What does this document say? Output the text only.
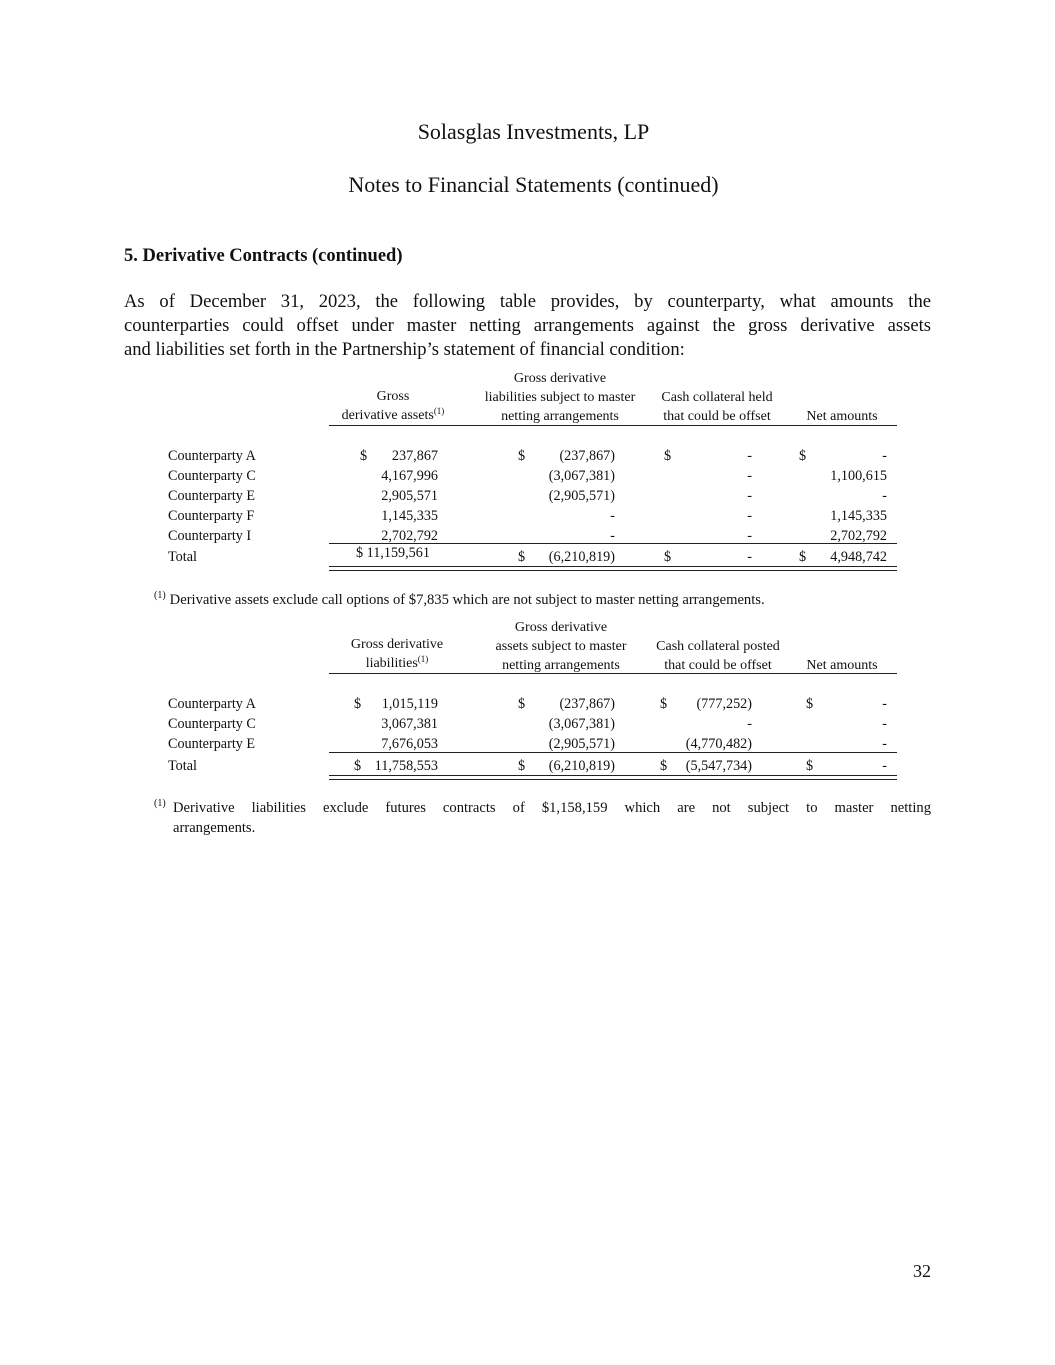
Solasglas Investments, LP
Notes to Financial Statements (continued)
5. Derivative Contracts (continued)
As of December 31, 2023, the following table provides, by counterparty, what amounts the
counterparties could offset under master netting arrangements against the gross derivative assets
and liabilities set forth in the Partnership’s statement of financial condition:
Gross
derivative assets$^{(1)}$
Gross derivative
liabilities subject to master
netting arrangements
Cash collateral held
that could be offset	Net amounts
Counterparty A	$	237,867	$	(237,867)	$	-	$	-
Counterparty C	4,167,996	(3,067,381)	-	1,100,615
Counterparty E	2,905,571	(2,905,571)	-	-
Counterparty F	1,145,335	-	-	1,145,335
Counterparty I	2,702,792	-	-	2,702,792
Total	$ 11,159,561	$	(6,210,819)	$	-	$	4,948,742
$^{(1)}$ Derivative assets exclude call options of $7,835 which are not subject to master netting arrangements.
Gross derivative
liabilities$^{(1)}$
Gross derivative
assets subject to master
netting arrangements
Cash collateral posted
that could be offset	Net amounts
Counterparty A	$	1,015,119	$	(237,867)	$	(777,252)	$	-
Counterparty C	3,067,381	(3,067,381)	-	-
Counterparty E	7,676,053	(2,905,571)	(4,770,482)	-
Total	$ 11,758,553	$	(6,210,819)	$	(5,547,734)	$	-
$^{(1)}$ Derivative liabilities exclude futures contracts of $1,158,159 which are not subject to master netting
arrangements.
32
